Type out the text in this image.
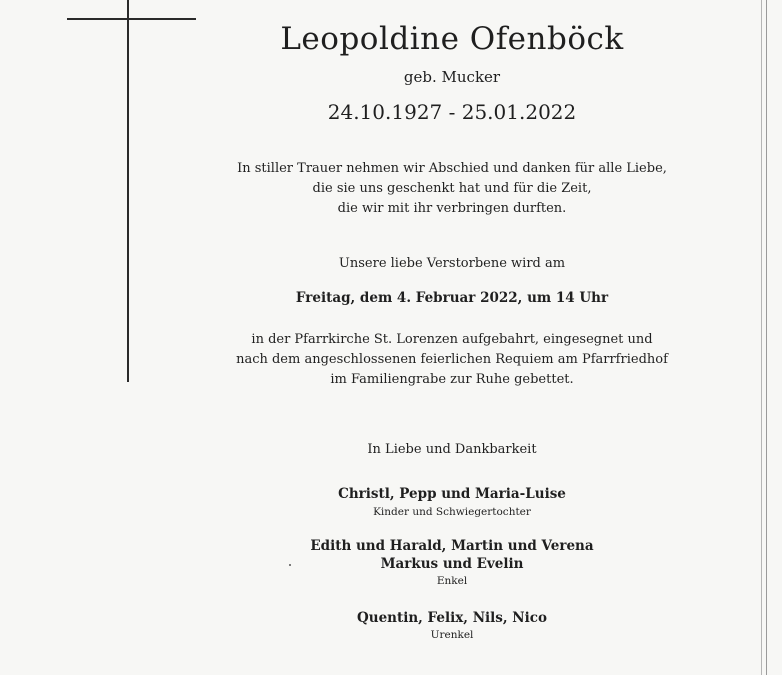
Leopoldine Ofenböck
geb. Mucker
24.10.1927 - 25.01.2022
In stiller Trauer nehmen wir Abschied und danken für alle Liebe,
die sie uns geschenkt hat und für die Zeit,
die wir mit ihr verbringen durften.
Unsere liebe Verstorbene wird am
Freitag, dem 4. Februar 2022, um 14 Uhr
in der Pfarrkirche St. Lorenzen aufgebahrt, eingesegnet und
nach dem angeschlossenen feierlichen Requiem am Pfarrfriedhof
im Familiengrabe zur Ruhe gebettet.
In Liebe und Dankbarkeit
Christl, Pepp und Maria-Luise
Kinder und Schwiegertochter
Edith und Harald, Martin und Verena
Markus und Evelin
Enkel
Quentin, Felix, Nils, Nico
Urenkel
